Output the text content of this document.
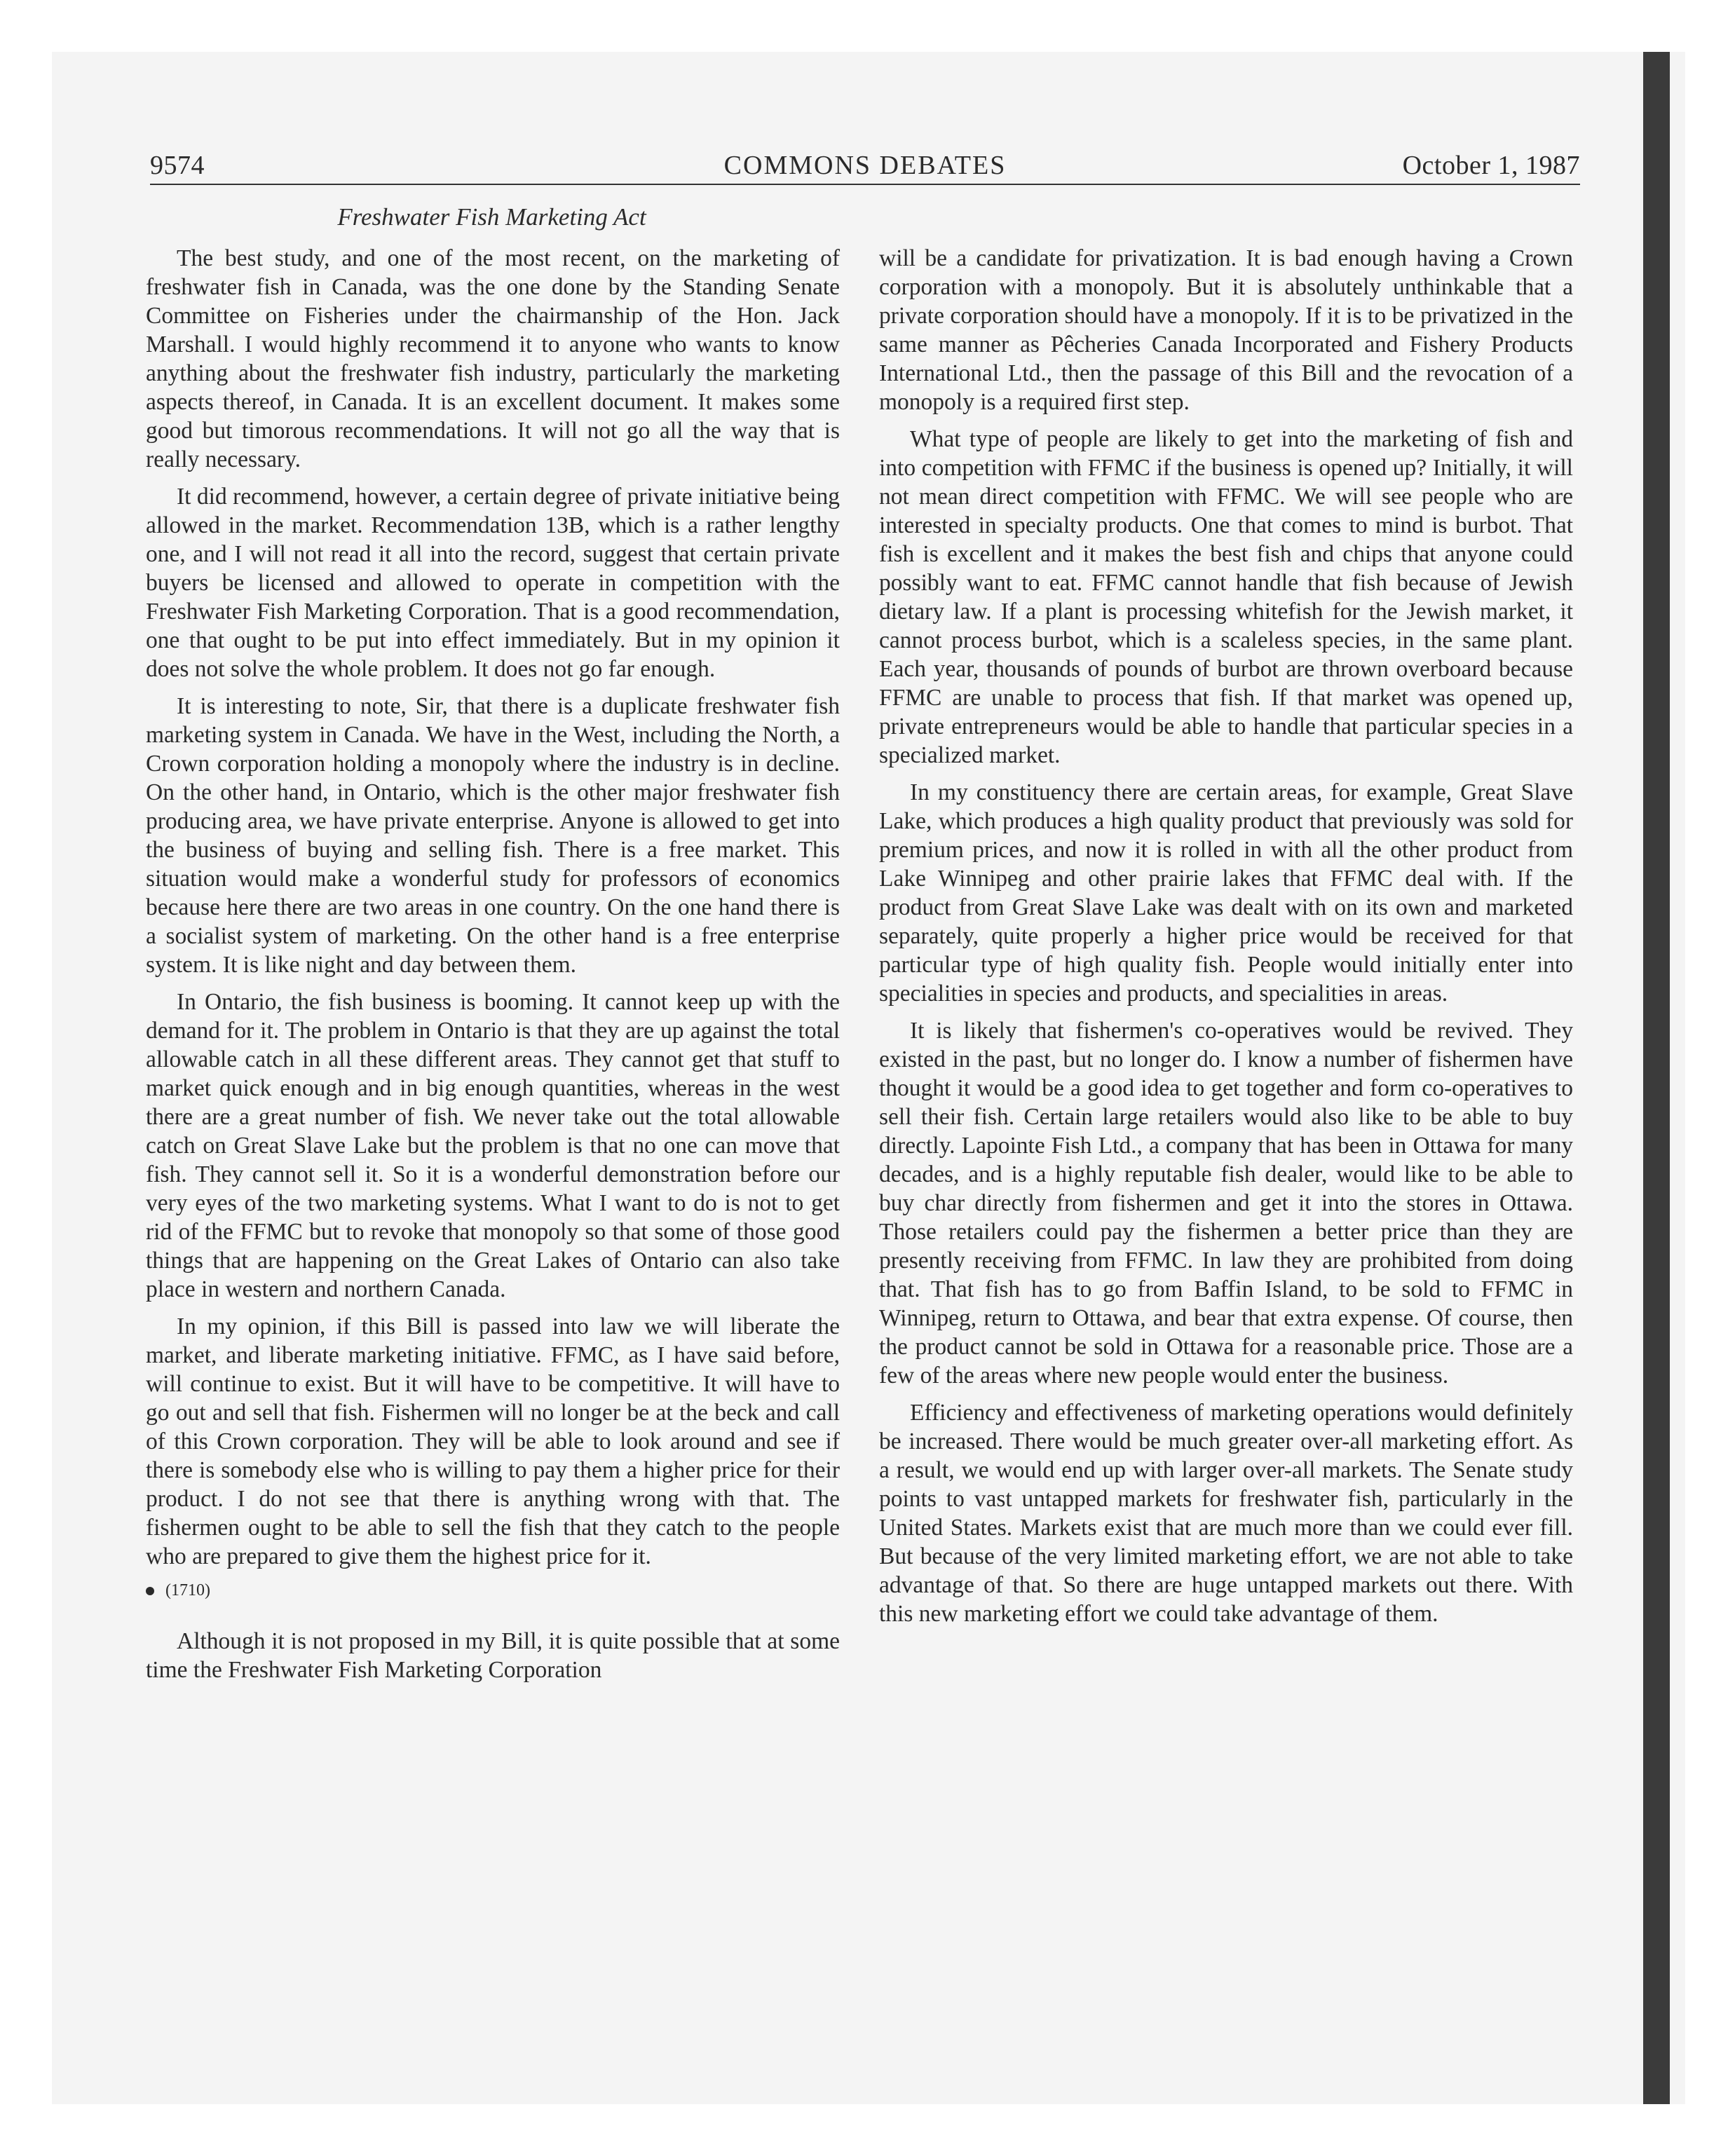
9574	COMMONS DEBATES	October 1, 1987
Freshwater Fish Marketing Act

The best study, and one of the most recent, on the marketing of freshwater fish in Canada, was the one done by the Standing Senate Committee on Fisheries under the chairmanship of the Hon. Jack Marshall. I would highly recommend it to anyone who wants to know anything about the freshwater fish industry, particularly the marketing aspects thereof, in Canada. It is an excellent document. It makes some good but timorous recommendations. It will not go all the way that is really necessary.

It did recommend, however, a certain degree of private initiative being allowed in the market. Recommendation 13B, which is a rather lengthy one, and I will not read it all into the record, suggest that certain private buyers be licensed and allowed to operate in competition with the Freshwater Fish Marketing Corporation. That is a good recommendation, one that ought to be put into effect immediately. But in my opinion it does not solve the whole problem. It does not go far enough.

It is interesting to note, Sir, that there is a duplicate freshwater fish marketing system in Canada. We have in the West, including the North, a Crown corporation holding a monopoly where the industry is in decline. On the other hand, in Ontario, which is the other major freshwater fish producing area, we have private enterprise. Anyone is allowed to get into the business of buying and selling fish. There is a free market. This situation would make a wonderful study for professors of economics because here there are two areas in one country. On the one hand there is a socialist system of marketing. On the other hand is a free enterprise system. It is like night and day between them.

In Ontario, the fish business is booming. It cannot keep up with the demand for it. The problem in Ontario is that they are up against the total allowable catch in all these different areas. They cannot get that stuff to market quick enough and in big enough quantities, whereas in the west there are a great number of fish. We never take out the total allowable catch on Great Slave Lake but the problem is that no one can move that fish. They cannot sell it. So it is a wonderful demonstration before our very eyes of the two marketing systems. What I want to do is not to get rid of the FFMC but to revoke that monopoly so that some of those good things that are happening on the Great Lakes of Ontario can also take place in western and northern Canada.

In my opinion, if this Bill is passed into law we will liberate the market, and liberate marketing initiative. FFMC, as I have said before, will continue to exist. But it will have to be competitive. It will have to go out and sell that fish. Fishermen will no longer be at the beck and call of this Crown corporation. They will be able to look around and see if there is somebody else who is willing to pay them a higher price for their product. I do not see that there is anything wrong with that. The fishermen ought to be able to sell the fish that they catch to the people who are prepared to give them the highest price for it.

(1710)

Although it is not proposed in my Bill, it is quite possible that at some time the Freshwater Fish Marketing Corporation

will be a candidate for privatization. It is bad enough having a Crown corporation with a monopoly. But it is absolutely unthinkable that a private corporation should have a monopoly. If it is to be privatized in the same manner as Pêcheries Canada Incorporated and Fishery Products International Ltd., then the passage of this Bill and the revocation of a monopoly is a required first step.

What type of people are likely to get into the marketing of fish and into competition with FFMC if the business is opened up? Initially, it will not mean direct competition with FFMC. We will see people who are interested in specialty products. One that comes to mind is burbot. That fish is excellent and it makes the best fish and chips that anyone could possibly want to eat. FFMC cannot handle that fish because of Jewish dietary law. If a plant is processing whitefish for the Jewish market, it cannot process burbot, which is a scaleless species, in the same plant. Each year, thousands of pounds of burbot are thrown overboard because FFMC are unable to process that fish. If that market was opened up, private entrepreneurs would be able to handle that particular species in a specialized market.

In my constituency there are certain areas, for example, Great Slave Lake, which produces a high quality product that previously was sold for premium prices, and now it is rolled in with all the other product from Lake Winnipeg and other prairie lakes that FFMC deal with. If the product from Great Slave Lake was dealt with on its own and marketed separately, quite properly a higher price would be received for that particular type of high quality fish. People would initially enter into specialities in species and products, and specialities in areas.

It is likely that fishermen's co-operatives would be revived. They existed in the past, but no longer do. I know a number of fishermen have thought it would be a good idea to get together and form co-operatives to sell their fish. Certain large retailers would also like to be able to buy directly. Lapointe Fish Ltd., a company that has been in Ottawa for many decades, and is a highly reputable fish dealer, would like to be able to buy char directly from fishermen and get it into the stores in Ottawa. Those retailers could pay the fishermen a better price than they are presently receiving from FFMC. In law they are prohibited from doing that. That fish has to go from Baffin Island, to be sold to FFMC in Winnipeg, return to Ottawa, and bear that extra expense. Of course, then the product cannot be sold in Ottawa for a reasonable price. Those are a few of the areas where new people would enter the business.

Efficiency and effectiveness of marketing operations would definitely be increased. There would be much greater over-all marketing effort. As a result, we would end up with larger over-all markets. The Senate study points to vast untapped markets for freshwater fish, particularly in the United States. Markets exist that are much more than we could ever fill. But because of the very limited marketing effort, we are not able to take advantage of that. So there are huge untapped markets out there. With this new marketing effort we could take advantage of them.
